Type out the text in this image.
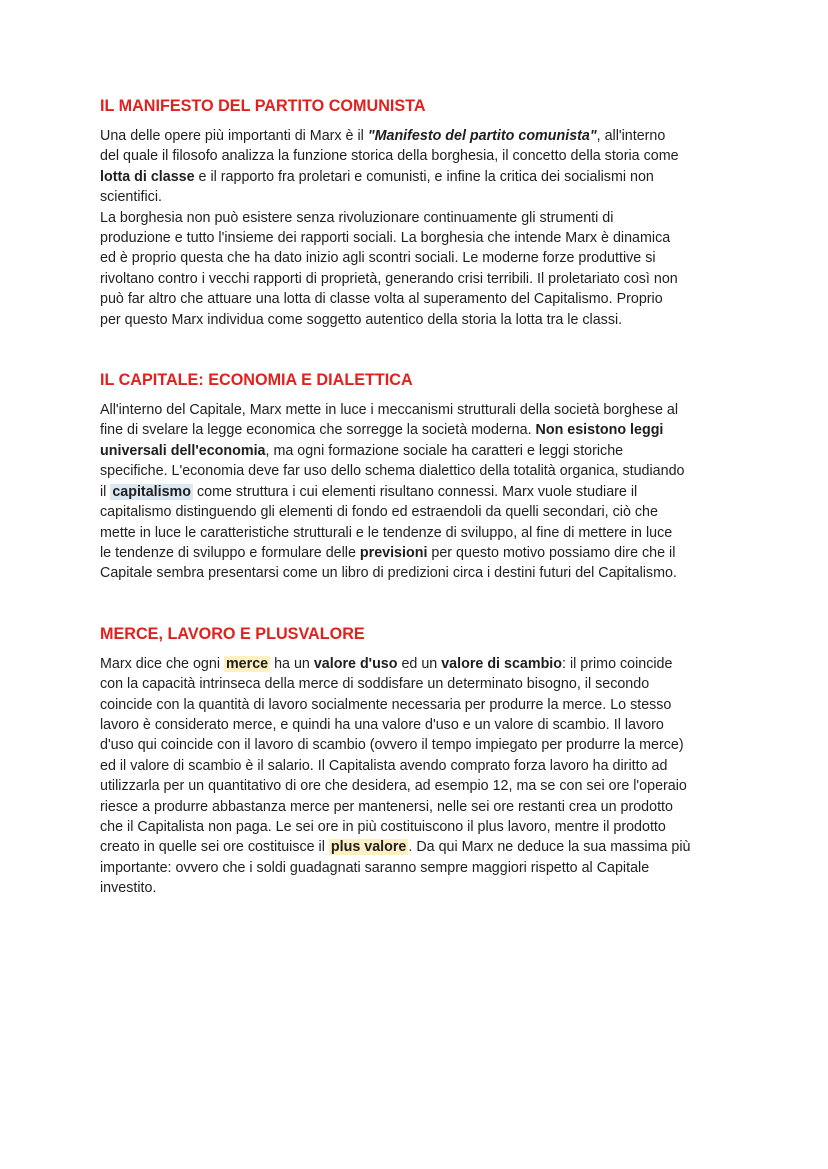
IL MANIFESTO DEL PARTITO COMUNISTA

Una delle opere più importanti di Marx è il "Manifesto del partito comunista", all'interno
del quale il filosofo analizza la funzione storica della borghesia, il concetto della storia come
lotta di classe e il rapporto fra proletari e comunisti, e infine la critica dei socialismi non
scientifici.
La borghesia non può esistere senza rivoluzionare continuamente gli strumenti di
produzione e tutto l'insieme dei rapporti sociali. La borghesia che intende Marx è dinamica
ed è proprio questa che ha dato inizio agli scontri sociali. Le moderne forze produttive si
rivoltano contro i vecchi rapporti di proprietà, generando crisi terribili. Il proletariato così non
può far altro che attuare una lotta di classe volta al superamento del Capitalismo. Proprio
per questo Marx individua come soggetto autentico della storia la lotta tra le classi.

IL CAPITALE: ECONOMIA E DIALETTICA

All'interno del Capitale, Marx mette in luce i meccanismi strutturali della società borghese al
fine di svelare la legge economica che sorregge la società moderna. Non esistono leggi
universali dell'economia, ma ogni formazione sociale ha caratteri e leggi storiche
specifiche. L'economia deve far uso dello schema dialettico della totalità organica, studiando
il capitalismo come struttura i cui elementi risultano connessi. Marx vuole studiare il
capitalismo distinguendo gli elementi di fondo ed estraendoli da quelli secondari, ciò che
mette in luce le caratteristiche strutturali e le tendenze di sviluppo, al fine di mettere in luce
le tendenze di sviluppo e formulare delle previsioni per questo motivo possiamo dire che il
Capitale sembra presentarsi come un libro di predizioni circa i destini futuri del Capitalismo.

MERCE, LAVORO E PLUSVALORE

Marx dice che ogni merce ha un valore d'uso ed un valore di scambio: il primo coincide
con la capacità intrinseca della merce di soddisfare un determinato bisogno, il secondo
coincide con la quantità di lavoro socialmente necessaria per produrre la merce. Lo stesso
lavoro è considerato merce, e quindi ha una valore d'uso e un valore di scambio. Il lavoro
d'uso qui coincide con il lavoro di scambio (ovvero il tempo impiegato per produrre la merce)
ed il valore di scambio è il salario. Il Capitalista avendo comprato forza lavoro ha diritto ad
utilizzarla per un quantitativo di ore che desidera, ad esempio 12, ma se con sei ore l'operaio
riesce a produrre abbastanza merce per mantenersi, nelle sei ore restanti crea un prodotto
che il Capitalista non paga. Le sei ore in più costituiscono il plus lavoro, mentre il prodotto
creato in quelle sei ore costituisce il plus valore . Da qui Marx ne deduce la sua massima più
importante: ovvero che i soldi guadagnati saranno sempre maggiori rispetto al Capitale
investito.
